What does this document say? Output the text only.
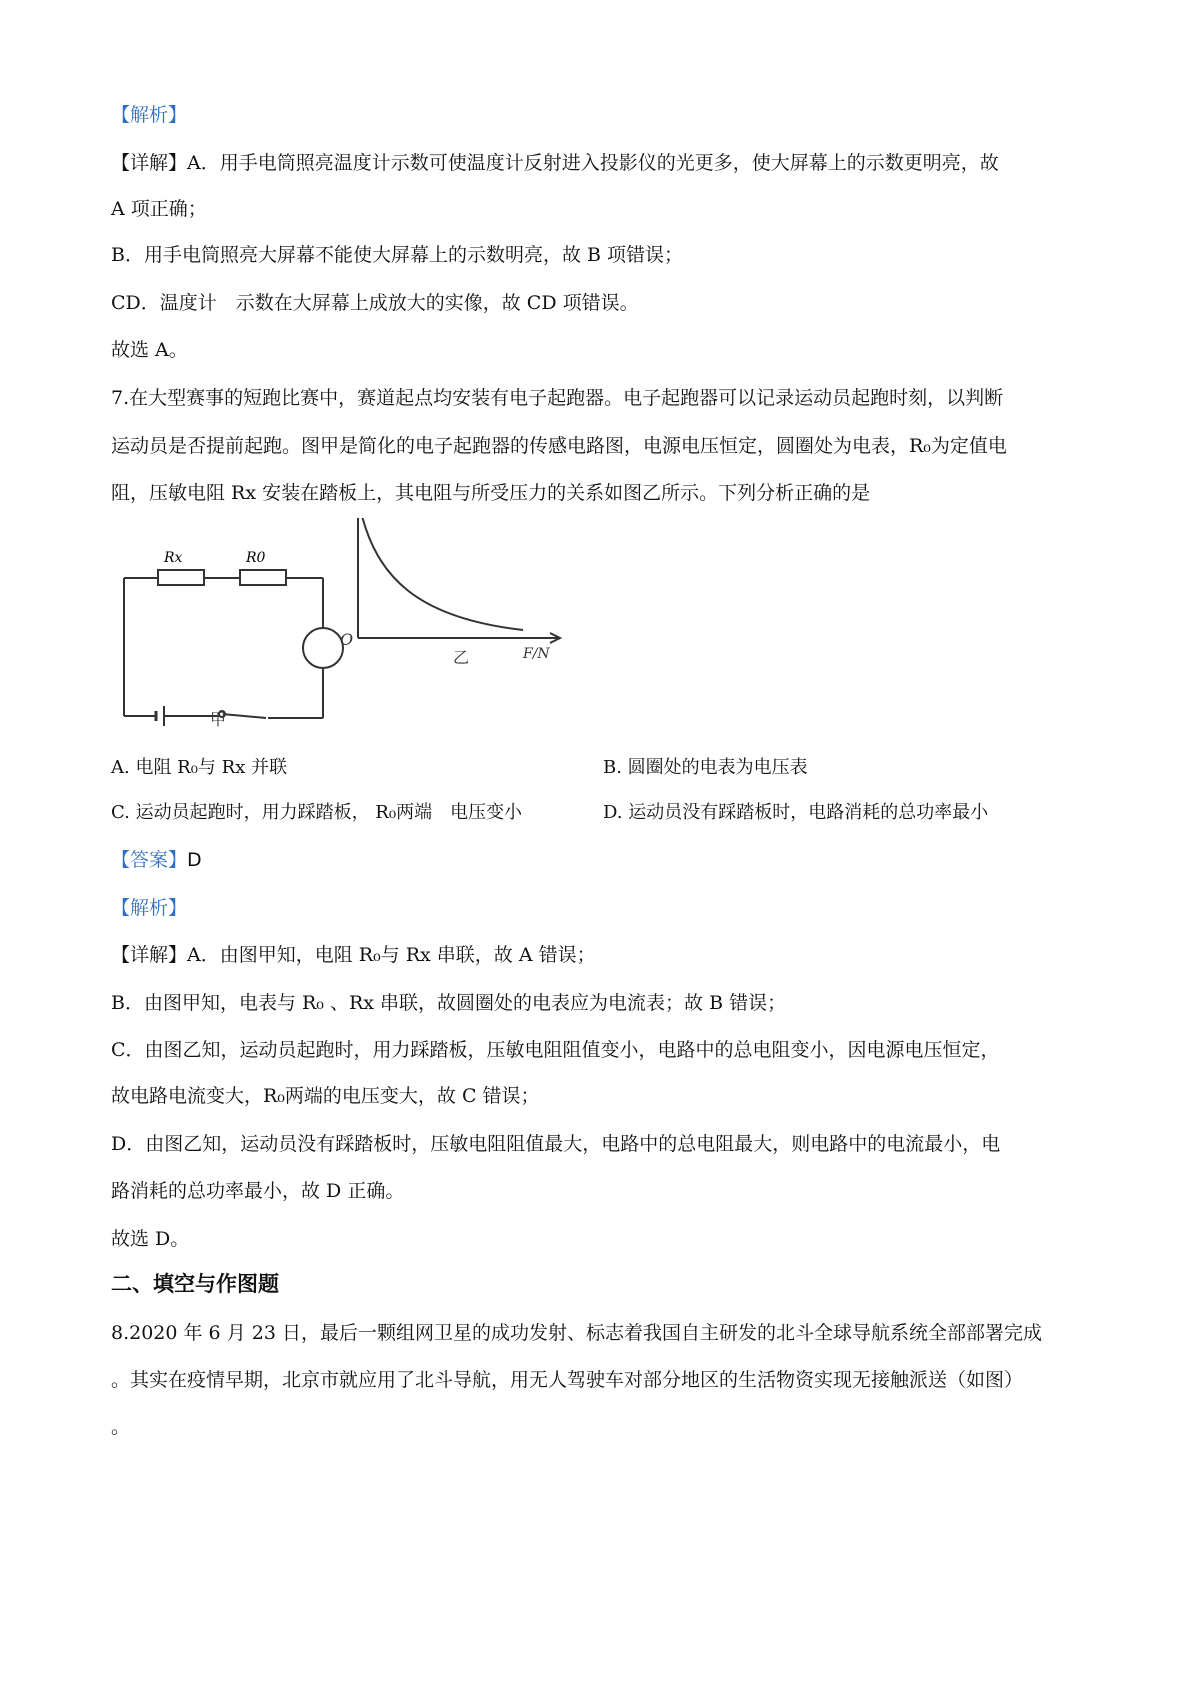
【解析】
【详解】A．用手电筒照亮温度计示数可使温度计反射进入投影仪的光更多，使大屏幕上的示数更明亮，故
A 项正确；
B．用手电筒照亮大屏幕不能使大屏幕上的示数明亮，故 B 项错误；
CD．温度计　示数在大屏幕上成放大的实像，故 CD 项错误。
故选 A。
7.在大型赛事的短跑比赛中，赛道起点均安装有电子起跑器。电子起跑器可以记录运动员起跑时刻，以判断
运动员是否提前起跑。图甲是简化的电子起跑器的传感电路图，电源电压恒定，圆圈处为电表，R₀为定值电
阻，压敏电阻 Rx 安装在踏板上，其电阻与所受压力的关系如图乙所示。下列分析正确的是
Rx	R0
甲
O
F/N
乙
A. 电阻 R₀与 Rx 并联	B. 圆圈处的电表为电压表
C. 运动员起跑时，用力踩踏板， R₀两端　电压变小	D. 运动员没有踩踏板时，电路消耗的总功率最小
【答案】D
【解析】
【详解】A．由图甲知，电阻 R₀与 Rx 串联，故 A 错误；
B．由图甲知，电表与 R₀ 、Rx 串联，故圆圈处的电表应为电流表；故 B 错误；
C．由图乙知，运动员起跑时，用力踩踏板，压敏电阻阻值变小，电路中的总电阻变小，因电源电压恒定，
故电路电流变大，R₀两端的电压变大，故 C 错误；
D．由图乙知，运动员没有踩踏板时，压敏电阻阻值最大，电路中的总电阻最大，则电路中的电流最小，电
路消耗的总功率最小，故 D 正确。
故选 D。
二、填空与作图题
8.2020 年 6 月 23 日，最后一颗组网卫星的成功发射、标志着我国自主研发的北斗全球导航系统全部部署完成
。其实在疫情早期，北京市就应用了北斗导航，用无人驾驶车对部分地区的生活物资实现无接触派送（如图）
。
